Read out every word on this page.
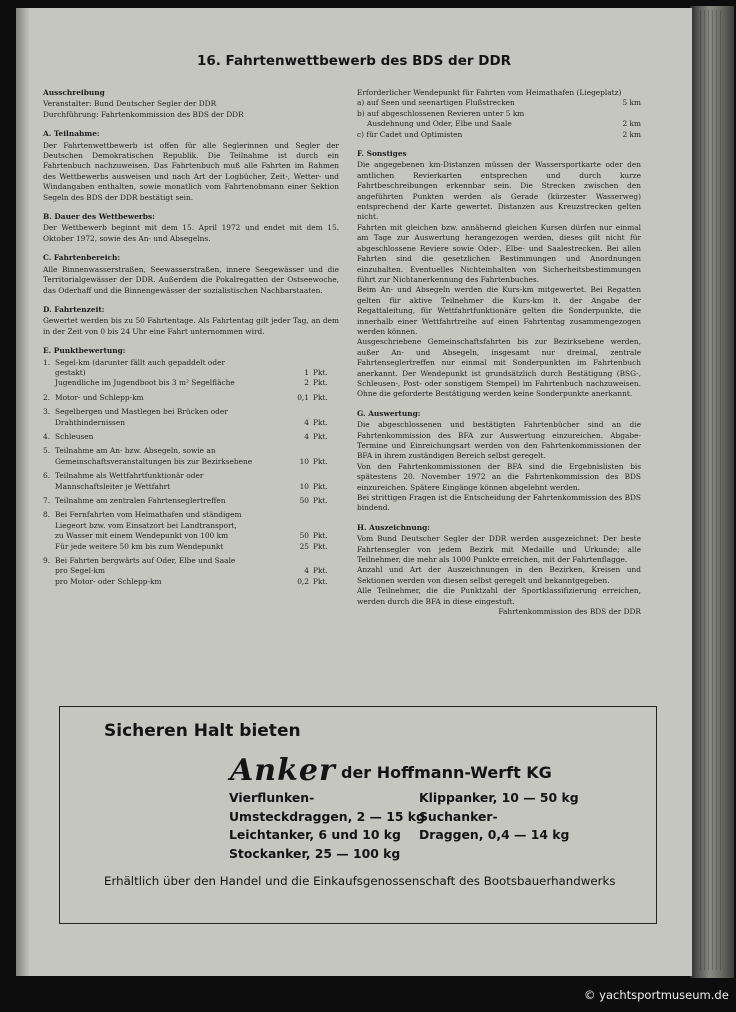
16. Fahrtenwettbewerb des BDS der DDR
Ausschreibung
Veranstalter: Bund Deutscher Segler der DDR
Durchführung: Fahrtenkommission des BDS der DDR
A. Teilnahme:
Der Fahrtenwettbewerb ist offen für alle Seglerinnen und Segler der Deutschen Demokratischen Republik. Die Teilnahme ist durch ein Fahrtenbuch nachzuweisen. Das Fahrtenbuch muß alle Fahrten im Rahmen des Wettbewerbs ausweisen und nach Art der Logbücher, Zeit-, Wetter- und Windangaben enthalten, sowie monatlich vom Fahrtenobmann einer Sektion Segeln des BDS der DDR bestätigt sein.
B. Dauer des Wettbewerbs:
Der Wettbewerb beginnt mit dem 15. April 1972 und endet mit dem 15. Oktober 1972, sowie des An- und Absegelns.
C. Fahrtenbereich:
Alle Binnenwasserstraßen, Seewasserstraßen, innere Seegewässer und die Territorialgewässer der DDR. Außerdem die Pokalregatten der Ostseewoche, das Oderhaff und die Binnengewässer der sozialistischen Nachbarstaaten.
D. Fahrtenzeit:
Gewertet werden bis zu 50 Fahrtentage. Als Fahrtentag gilt jeder Tag, an dem in der Zeit von 0 bis 24 Uhr eine Fahrt unternommen wird.
E. Punktbewertung:
1. Segel-km (darunter fällt auch gepaddelt oder
gestakt)	1 Pkt.
Jugendliche im Jugendboot bis 3 m² Segelfläche	2 Pkt.
2. Motor- und Schlepp-km	0,1 Pkt.
3. Segelbergen und Mastlegen bei Brücken oder
Drahthindernissen	4 Pkt.
4. Schleusen	4 Pkt.
5. Teilnahme am An- bzw. Absegeln, sowie an
Gemeinschaftsveranstaltungen bis zur Bezirksebene	10 Pkt.
6. Teilnahme als Wettfahrtfunktionär oder
Mannschaftsleiter je Wettfahrt	10 Pkt.
7. Teilnahme am zentralen Fahrtenseglertreffen	50 Pkt.
8. Bei Fernfahrten vom Heimathafen und ständigem
Liegeort bzw. vom Einsatzort bei Landtransport,
zu Wasser mit einem Wendepunkt von 100 km	50 Pkt.
Für jede weitere 50 km bis zum Wendepunkt	25 Pkt.
9. Bei Fahrten bergwärts auf Oder, Elbe und Saale
pro Segel-km	4 Pkt.
pro Motor- oder Schlepp-km	0,2 Pkt.
Erforderlicher Wendepunkt für Fahrten vom Heimathafen (Liegeplatz)
a) auf Seen und seenartigen Flußstrecken	5 km
b) auf abgeschlossenen Revieren unter 5 km
Ausdehnung und Oder, Elbe und Saale	2 km
c) für Cadet und Optimisten	2 km
F. Sonstiges
Die angegebenen km-Distanzen müssen der Wassersportkarte oder den amtlichen Revierkarten entsprechen und durch kurze Fahrtbeschreibungen erkennbar sein. Die Strecken zwischen den angeführten Punkten werden als Gerade (kürzester Wasserweg) entsprechend der Karte gewertet. Distanzen aus Kreuzstrecken gelten nicht.
Fahrten mit gleichen bzw. annähernd gleichen Kursen dürfen nur einmal am Tage zur Auswertung herangezogen werden, dieses gilt nicht für abgeschlossene Reviere sowie Oder-, Elbe- und Saalestrecken. Bei allen Fahrten sind die gesetzlichen Bestimmungen und Anordnungen einzuhalten. Eventuelles Nichteinhalten von Sicherheitsbestimmungen führt zur Nichtanerkennung des Fahrtenbuches.
Beim An- und Absegeln werden die Kurs-km mitgewertet. Bei Regatten gelten für aktive Teilnehmer die Kurs-km lt. der Angabe der Regattaleitung, für Wettfahrtfunktionäre gelten die Sonderpunkte, die innerhalb einer Wettfahrtreihe auf einen Fahrtentag zusammengezogen werden können.
Ausgeschriebene Gemeinschaftsfahrten bis zur Bezirksebene werden, außer An- und Absegeln, insgesamt nur dreimal, zentrale Fahrtenseglertreffen nur einmal mit Sonderpunkten im Fahrtenbuch anerkannt. Der Wendepunkt ist grundsätzlich durch Bestätigung (BSG-, Schleusen-, Post- oder sonstigem Stempel) im Fahrtenbuch nachzuweisen. Ohne die geforderte Bestätigung werden keine Sonderpunkte anerkannt.
G. Auswertung:
Die abgeschlossenen und bestätigten Fahrtenbücher sind an die Fahrtenkommission des BFA zur Auswertung einzureichen. Abgabe-Termine und Einreichungsart werden von den Fahrtenkommissionen der BFA in ihrem zuständigen Bereich selbst geregelt.
Von den Fahrtenkommissionen der BFA sind die Ergebnislisten bis spätestens 20. November 1972 an die Fahrtenkommission des BDS einzureichen. Spätere Eingänge können abgelehnt werden.
Bei strittigen Fragen ist die Entscheidung der Fahrtenkommission des BDS bindend.
H. Auszeichnung:
Vom Bund Deutscher Segler der DDR werden ausgezeichnet: Der beste Fahrtensegler von jedem Bezirk mit Medaille und Urkunde; alle Teilnehmer, die mehr als 1000 Punkte erreichen, mit der Fahrtenflagge.
Anzahl und Art der Auszeichnungen in den Bezirken, Kreisen und Sektionen werden von diesen selbst geregelt und bekanntgegeben.
Alle Teilnehmer, die die Punktzahl der Sportklassifizierung erreichen, werden durch die BFA in diese eingestuft.
Fahrtenkommission des BDS der DDR
Sicheren Halt bieten
Anker der Hoffmann-Werft KG
Vierflunken-
Umsteckdraggen, 2 — 15 kg
Leichtanker, 6 und 10 kg
Stockanker, 25 — 100 kg
Klippanker, 10 — 50 kg
Suchanker-
Draggen, 0,4 — 14 kg
Erhältlich über den Handel und die Einkaufsgenossenschaft des Bootsbauerhandwerks
© yachtsportmuseum.de
